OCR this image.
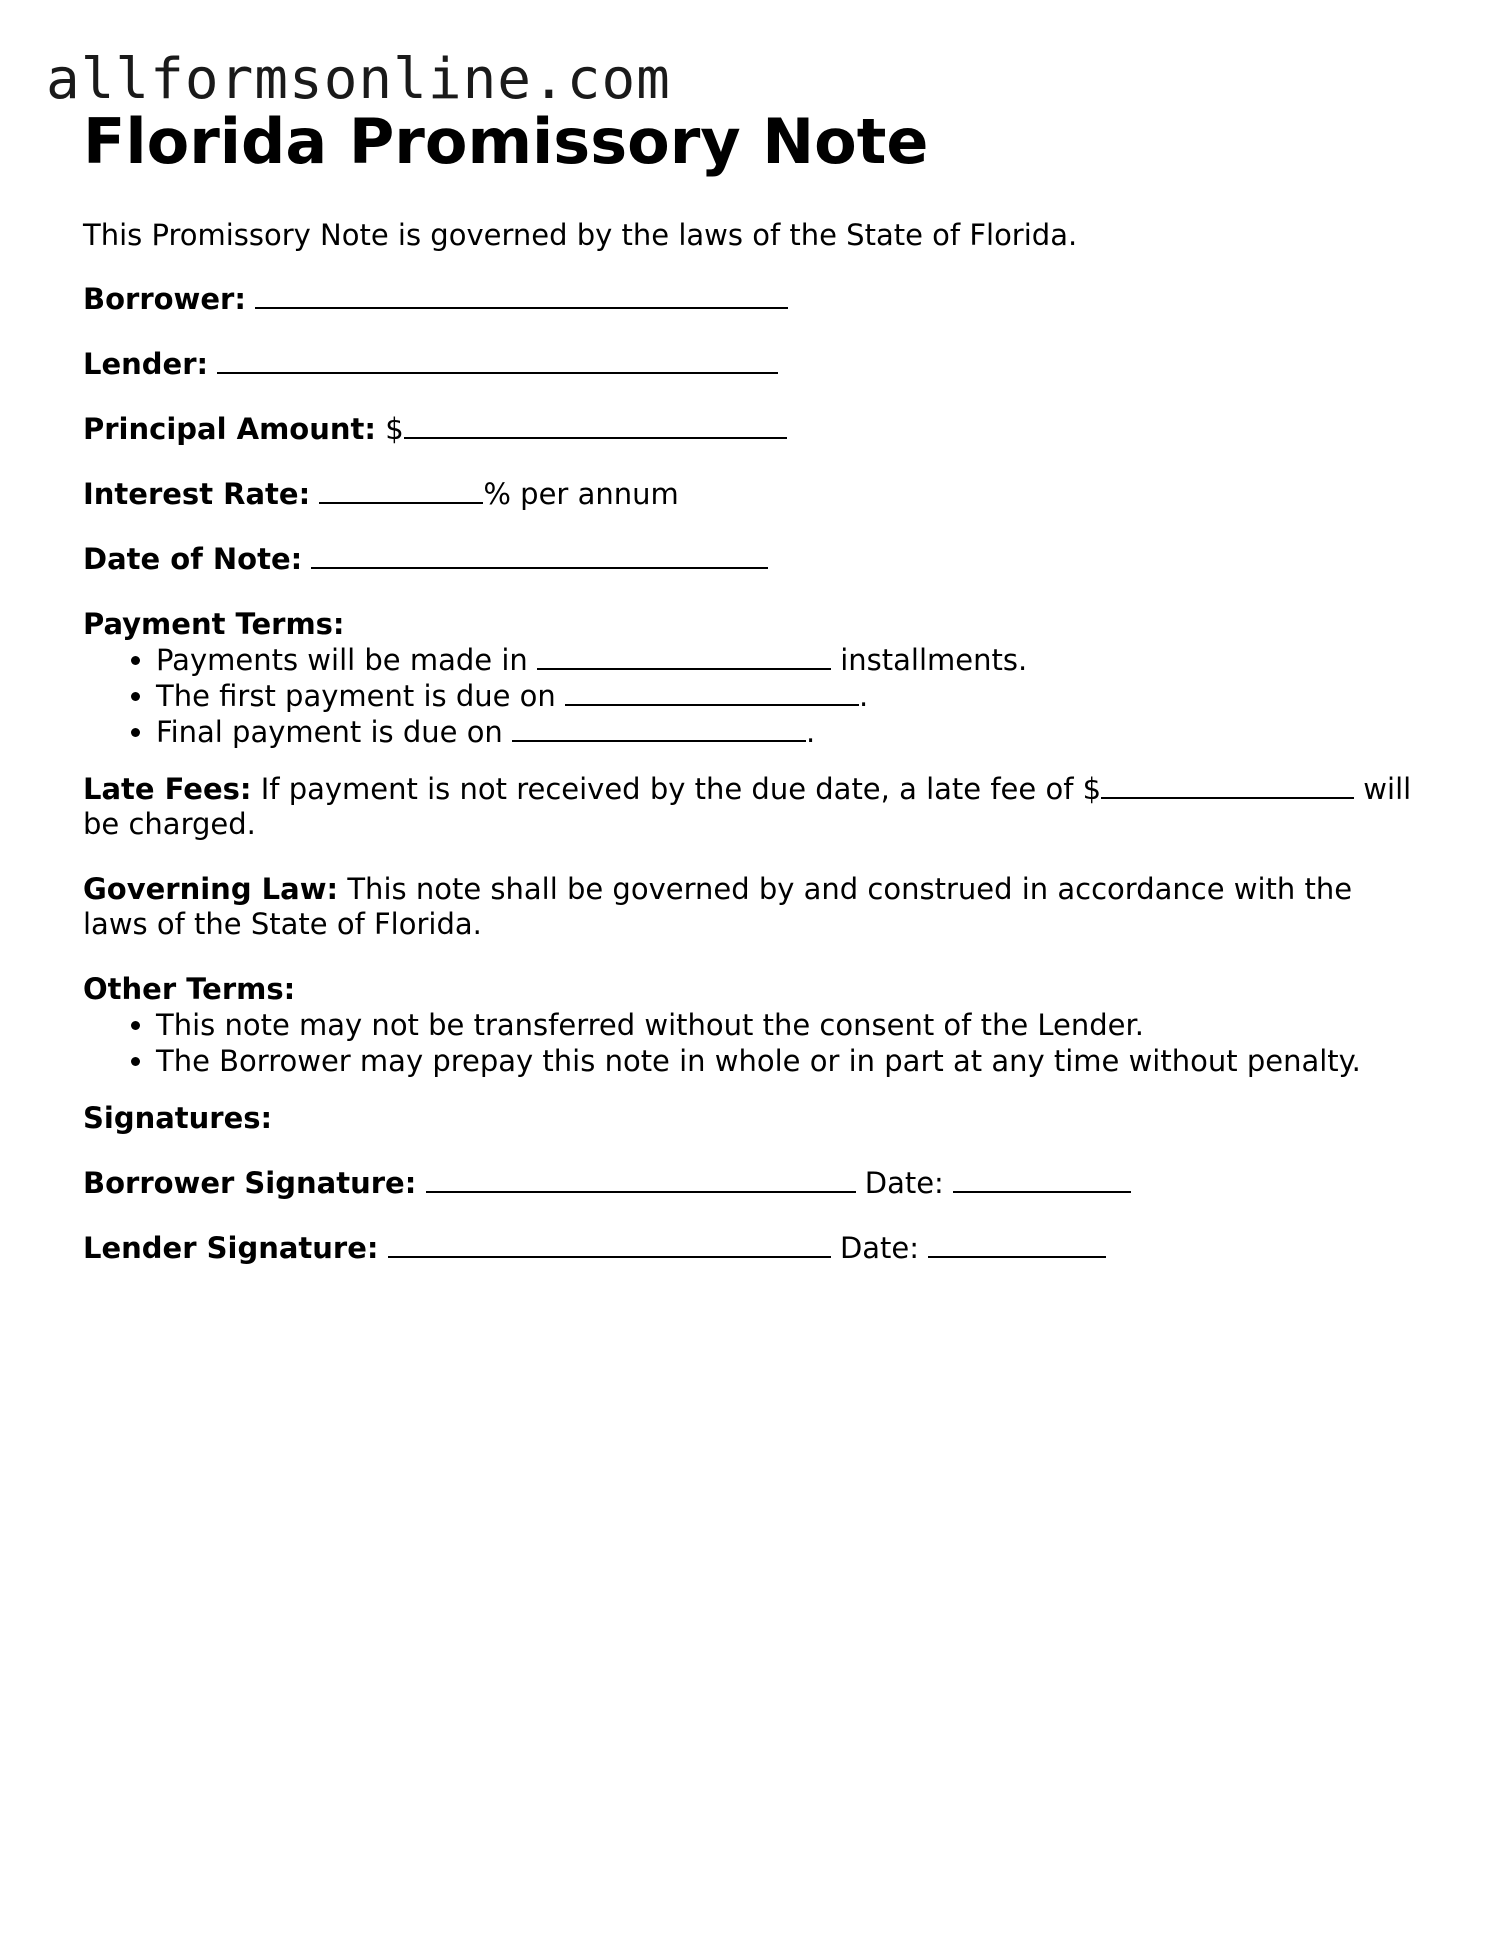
allformsonline.com
Florida Promissory Note

This Promissory Note is governed by the laws of the State of Florida.

Borrower:

Lender:

Principal Amount: $

Interest Rate:	% per annum

Date of Note:

Payment Terms:

• Payments will be made in	installments.
• The first payment is due on	.
• Final payment is due on	.

Late Fees: If payment is not received by the due date, a late fee of $	will be charged.

Governing Law: This note shall be governed by and construed in accordance with the laws of the State of Florida.

Other Terms:

• This note may not be transferred without the consent of the Lender.
• The Borrower may prepay this note in whole or in part at any time without penalty.

Signatures:

Borrower Signature:	Date:

Lender Signature:	Date:
